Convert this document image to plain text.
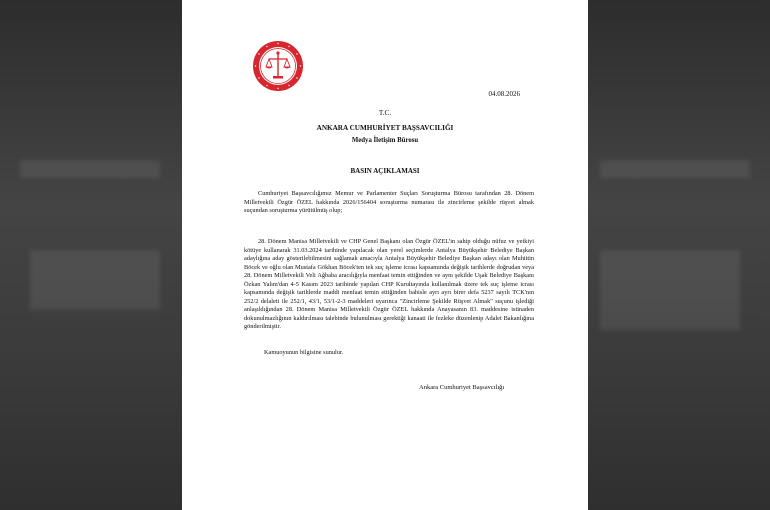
04.08.2026
T.C.
ANKARA CUMHURİYET BAŞSAVCILIĞI
Medya İletişim Bürosu
BASIN AÇIKLAMASI
Cumhuriyet Başsavcılığımız Memur ve Parlamenter Suçları Soruşturma Bürosu tarafından 28. Dönem Milletvekili Özgür ÖZEL hakkında 2026/156404 soruşturma numarası ile zincirleme şekilde rüşvet almak suçundan soruşturma yürütülmüş olup;
28. Dönem Manisa Milletvekili ve CHP Genel Başkanı olan Özgür ÖZEL'in sahip olduğu nüfuz ve yetkiyi kötüye kullanarak 31.03.2024 tarihinde yapılacak olan yerel seçimlerde Antalya Büyükşehir Belediye Başkan adaylığına aday gösterilebilmesini sağlamak amacıyla Antalya Büyükşehir Belediye Başkan adayı olan Muhittin Böcek ve oğlu olan Mustafa Gökhan Böcek'ten tek suç işleme icrası kapsamında değişik tarihlerde doğrudan veya 28. Dönem Milletvekili Veli Ağbaba aracılığıyla menfaat temin ettiğinden ve aynı şekilde Uşak Belediye Başkanı Özkan Yalım'dan 4-5 Kasım 2023 tarihinde yapılan CHP Kurultayında kullanılmak üzere tek suç işleme icrası kapsamında değişik tarihlerde maddi menfaat temin ettiğinden bahisle ayrı ayrı birer defa 5237 sayılı TCK'nın 252/2 delaleti ile 252/1, 43/1, 53/1-2-3 maddeleri uyarınca "Zincirleme Şekilde Rüşvet Almak" suçunu işlediği anlaşıldığından 28. Dönem Manisa Milletvekili Özgür ÖZEL hakkında Anayasanın 83. maddesine istinaden dokunulmazlığının kaldırılması talebinde bulunulması gerektiği kanaati ile fezleke düzenlenip Adalet Bakanlığına gönderilmiştir.
Kamuoyunun bilgisine sunulur.
Ankara Cumhuriyet Başsavcılığı
